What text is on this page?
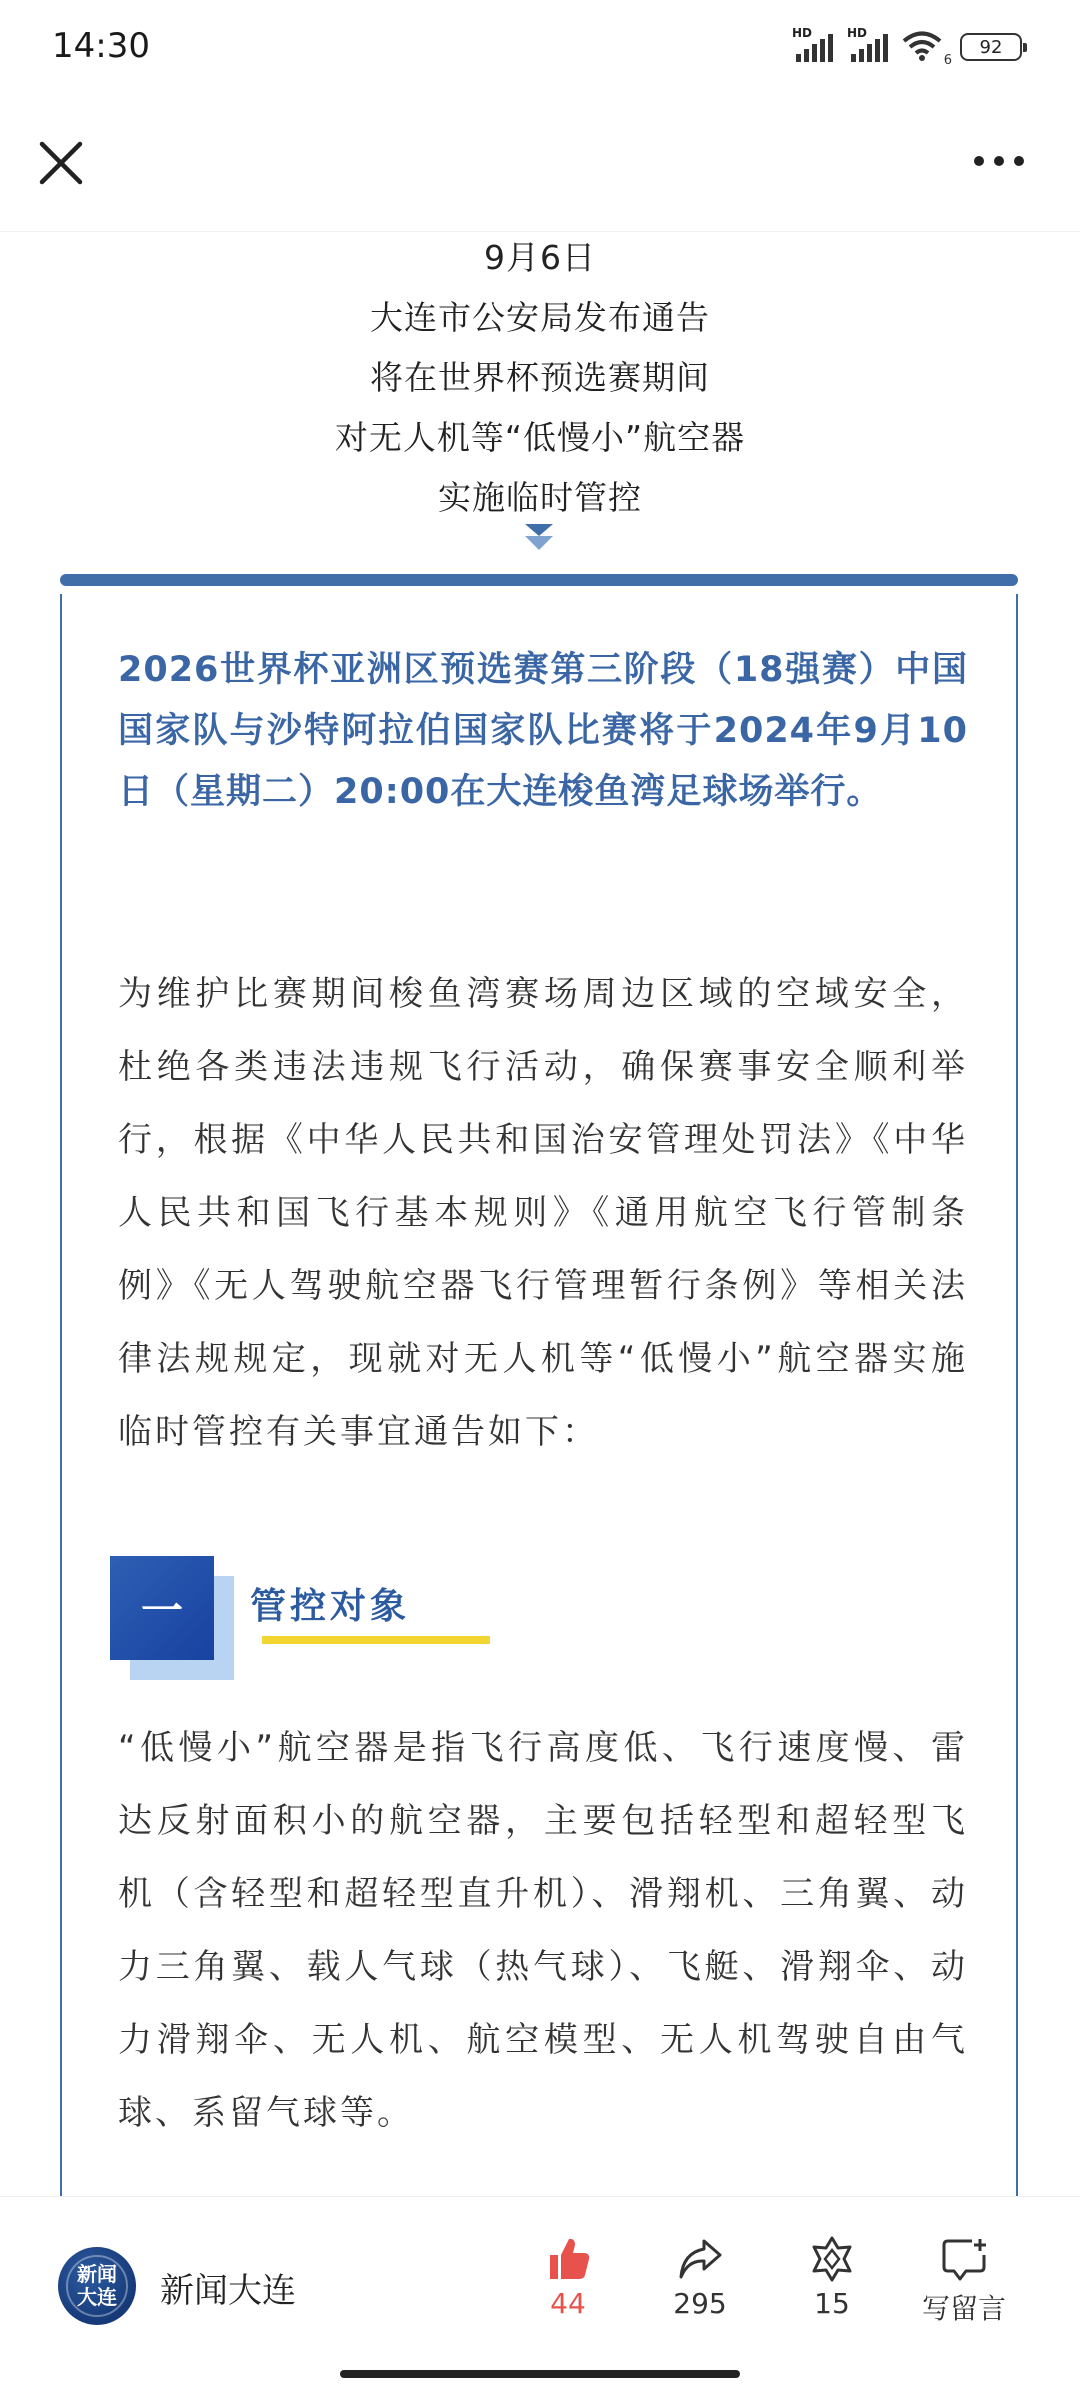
14:30	HD	HD
6
92
9月6日
大连市公安局发布通告
将在世界杯预选赛期间
对无人机等“低慢小”航空器
实施临时管控
2026世界杯亚洲区预选赛第三阶段（18强赛）中国国家队与沙特阿拉伯国家队比赛将于2024年9月10日（星期二）20:00在大连梭鱼湾足球场举行。
为维护比赛期间梭鱼湾赛场周边区域的空域安全，杜绝各类违法违规飞行活动，确保赛事安全顺利举行，根据《中华人民共和国治安管理处罚法》《中华人民共和国飞行基本规则》《通用航空飞行管制条例》《无人驾驶航空器飞行管理暂行条例》等相关法律法规规定，现就对无人机等“低慢小”航空器实施临时管控有关事宜通告如下：
一	管控对象
“低慢小”航空器是指飞行高度低、飞行速度慢、雷达反射面积小的航空器，主要包括轻型和超轻型飞机（含轻型和超轻型直升机）、滑翔机、三角翼、动力三角翼、载人气球（热气球）、飞艇、滑翔伞、动力滑翔伞、无人机、航空模型、无人机驾驶自由气球、系留气球等。
新闻大连 新闻大连	44	295	15	写留言
